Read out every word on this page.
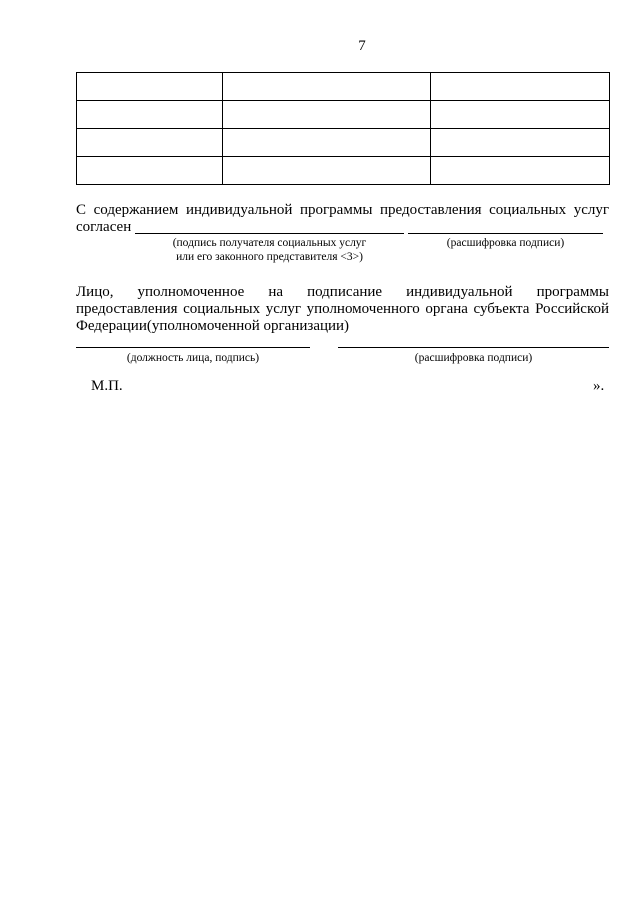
7

С содержанием индивидуальной программы предоставления социальных услуг
согласен
(подпись получателя социальных услуг
или его законного представителя <3>)
(расшифровка подписи)
Лицо, уполномоченное на подписание индивидуальной программы
предоставления социальных услуг уполномоченного органа субъекта Российской
Федерации(уполномоченной организации)
(должность лица, подпись)	(расшифровка подписи)
М.П.	».
